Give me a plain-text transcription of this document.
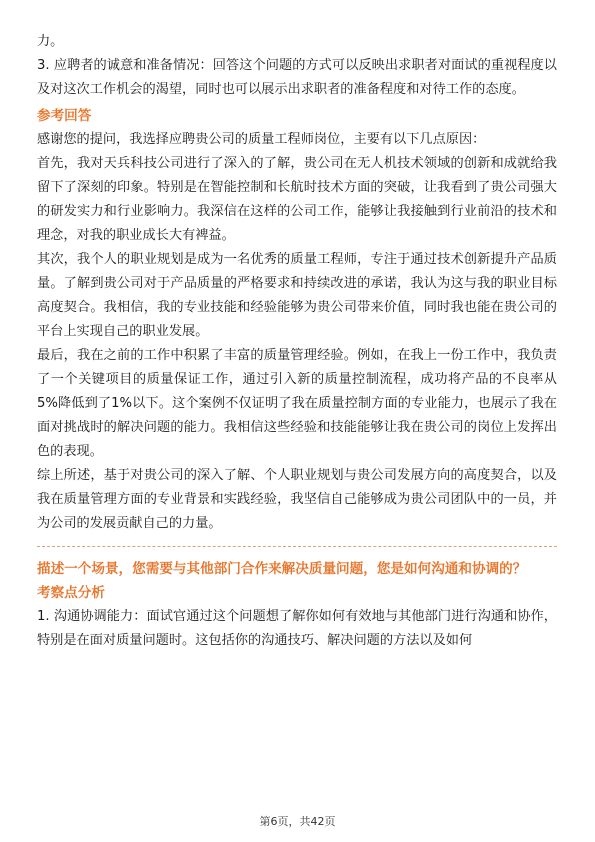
力。

3. 应聘者的诚意和准备情况：回答这个问题的方式可以反映出求职者对面试的重视程度以及对这次工作机会的渴望，同时也可以展示出求职者的准备程度和对待工作的态度。

参考回答

感谢您的提问，我选择应聘贵公司的质量工程师岗位，主要有以下几点原因：

首先，我对天兵科技公司进行了深入的了解，贵公司在无人机技术领域的创新和成就给我留下了深刻的印象。特别是在智能控制和长航时技术方面的突破，让我看到了贵公司强大的研发实力和行业影响力。我深信在这样的公司工作，能够让我接触到行业前沿的技术和理念，对我的职业成长大有裨益。

其次，我个人的职业规划是成为一名优秀的质量工程师，专注于通过技术创新提升产品质量。了解到贵公司对于产品质量的严格要求和持续改进的承诺，我认为这与我的职业目标高度契合。我相信，我的专业技能和经验能够为贵公司带来价值，同时我也能在贵公司的平台上实现自己的职业发展。

最后，我在之前的工作中积累了丰富的质量管理经验。例如，在我上一份工作中，我负责了一个关键项目的质量保证工作，通过引入新的质量控制流程，成功将产品的不良率从5%降低到了1%以下。这个案例不仅证明了我在质量控制方面的专业能力，也展示了我在面对挑战时的解决问题的能力。我相信这些经验和技能能够让我在贵公司的岗位上发挥出色的表现。

综上所述，基于对贵公司的深入了解、个人职业规划与贵公司发展方向的高度契合，以及我在质量管理方面的专业背景和实践经验，我坚信自己能够成为贵公司团队中的一员，并为公司的发展贡献自己的力量。

描述一个场景，您需要与其他部门合作来解决质量问题，您是如何沟通和协调的？

考察点分析

1. 沟通协调能力：面试官通过这个问题想了解你如何有效地与其他部门进行沟通和协作，特别是在面对质量问题时。这包括你的沟通技巧、解决问题的方法以及如何

第6页，共42页
